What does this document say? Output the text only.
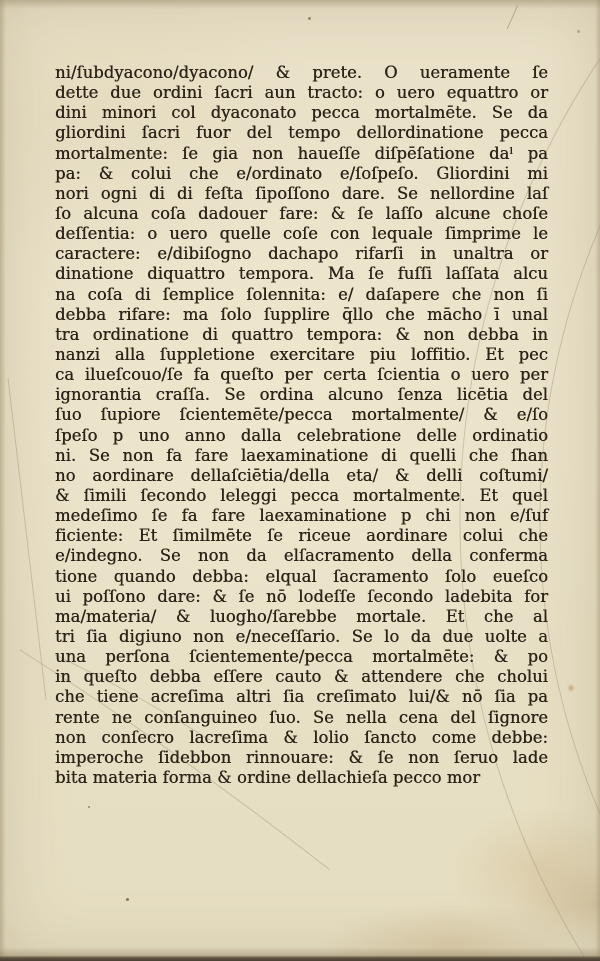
ni/ſubdyacono/dyacono/ & prete. O ueramente ſe
dette due ordini ſacri aun tracto: o uero equattro or
dini minori col dyaconato pecca mortalmēte. Se da
gliordini ſacri fuor del tempo dellordinatione pecca
mortalmente: ſe gia non haueſſe diſpēſatione daˡ pa
pa: & colui che e/ordinato e/ſoſpeſo. Gliordini mi
nori ogni di di feſta ſipoſſono dare. Se nellordine laſ
ſo alcuna coſa dadouer fare: & ſe laſſo alcune choſe
deſſentia: o uero quelle coſe con lequale ſimprime le
caractere: e/dibiſogno dachapo rifarſi in unaltra or
dinatione diquattro tempora. Ma ſe fuſſi laſſata alcu
na coſa di ſemplice ſolennita: e/ daſapere che non ſi
debba rifare: ma ſolo ſupplire q̄llo che mācho ī unal
tra ordinatione di quattro tempora: & non debba in
nanzi alla ſuppletione exercitare piu loffitio. Et pec
ca ilueſcouo/ſe fa queſto per certa ſcientia o uero per
ignorantia craſſa. Se ordina alcuno ſenza licētia del
ſuo ſupiore ſcientemēte/pecca mortalmente/ & e/ſo
ſpeſo p uno anno dalla celebratione delle ordinatio
ni. Se non fa fare laexaminatione di quelli che ſhan
no aordinare dellaſciētia/della eta/ & delli coſtumi/
& ſimili ſecondo leleggi pecca mortalmente. Et quel
medeſimo ſe fa fare laexaminatione p chi non e/ſuf
ficiente: Et ſimilmēte ſe riceue aordinare colui che
e/indegno. Se non da elſacramento della conferma
tione quando debba: elqual ſacramento ſolo eueſco
ui poſſono dare: & ſe nō lodeſſe ſecondo ladebita for
ma/materia/ & luogho/ſarebbe mortale. Et che al
tri ſia digiuno non e/neceſſario. Se lo da due uolte a
una perſona ſcientemente/pecca mortalmēte: & po
in queſto debba eſſere cauto & attendere che cholui
che tiene acreſima altri ſia creſimato lui/& nō ſia pa
rente ne conſanguineo ſuo. Se nella cena del ſignore
non conſecro lacreſima & lolio ſancto come debbe:
imperoche ſidebbon rinnouare: & ſe non ſeruo lade
bita materia forma & ordine dellachieſa pecco mor
